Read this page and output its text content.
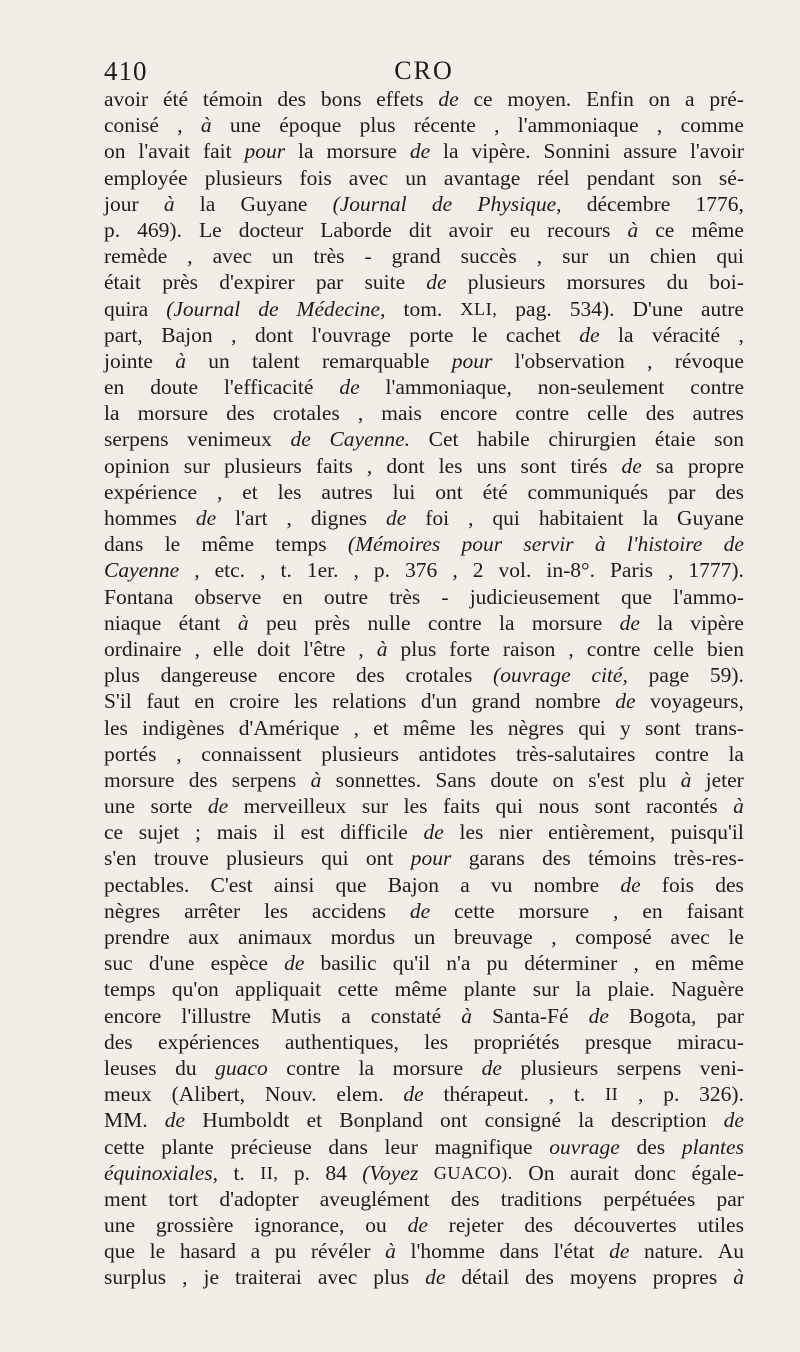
410	CRO
avoir été témoin des bons effets de ce moyen. Enfin on a pré-
conisé , à une époque plus récente , l'ammoniaque , comme
on l'avait fait pour la morsure de la vipère. Sonnini assure l'avoir
employée plusieurs fois avec un avantage réel pendant son sé-
jour à la Guyane (Journal de Physique, décembre 1776,
p. 469). Le docteur Laborde dit avoir eu recours à ce même
remède , avec un très - grand succès , sur un chien qui
était près d'expirer par suite de plusieurs morsures du boi-
quira (Journal de Médecine, tom. XLI, pag. 534). D'une autre
part, Bajon , dont l'ouvrage porte le cachet de la véracité ,
jointe à un talent remarquable pour l'observation , révoque
en doute l'efficacité de l'ammoniaque, non-seulement contre
la morsure des crotales , mais encore contre celle des autres
serpens venimeux de Cayenne. Cet habile chirurgien étaie son
opinion sur plusieurs faits , dont les uns sont tirés de sa propre
expérience , et les autres lui ont été communiqués par des
hommes de l'art , dignes de foi , qui habitaient la Guyane
dans le même temps (Mémoires pour servir à l'histoire de
Cayenne , etc. , t. 1er. , p. 376 , 2 vol. in-8°. Paris , 1777).
Fontana observe en outre très - judicieusement que l'ammo-
niaque étant à peu près nulle contre la morsure de la vipère
ordinaire , elle doit l'être , à plus forte raison , contre celle bien
plus dangereuse encore des crotales (ouvrage cité, page 59).
S'il faut en croire les relations d'un grand nombre de voyageurs,
les indigènes d'Amérique , et même les nègres qui y sont trans-
portés , connaissent plusieurs antidotes très-salutaires contre la
morsure des serpens à sonnettes. Sans doute on s'est plu à jeter
une sorte de merveilleux sur les faits qui nous sont racontés à
ce sujet ; mais il est difficile de les nier entièrement, puisqu'il
s'en trouve plusieurs qui ont pour garans des témoins très-res-
pectables. C'est ainsi que Bajon a vu nombre de fois des
nègres arrêter les accidens de cette morsure , en faisant
prendre aux animaux mordus un breuvage , composé avec le
suc d'une espèce de basilic qu'il n'a pu déterminer , en même
temps qu'on appliquait cette même plante sur la plaie. Naguère
encore l'illustre Mutis a constaté à Santa-Fé de Bogota, par
des expériences authentiques, les propriétés presque miracu-
leuses du guaco contre la morsure de plusieurs serpens veni-
meux (Alibert, Nouv. elem. de thérapeut. , t. II , p. 326).
MM. de Humboldt et Bonpland ont consigné la description de
cette plante précieuse dans leur magnifique ouvrage des plantes
équinoxiales, t. II, p. 84 (Voyez GUACO). On aurait donc égale-
ment tort d'adopter aveuglément des traditions perpétuées par
une grossière ignorance, ou de rejeter des découvertes utiles
que le hasard a pu révéler à l'homme dans l'état de nature. Au
surplus , je traiterai avec plus de détail des moyens propres à
